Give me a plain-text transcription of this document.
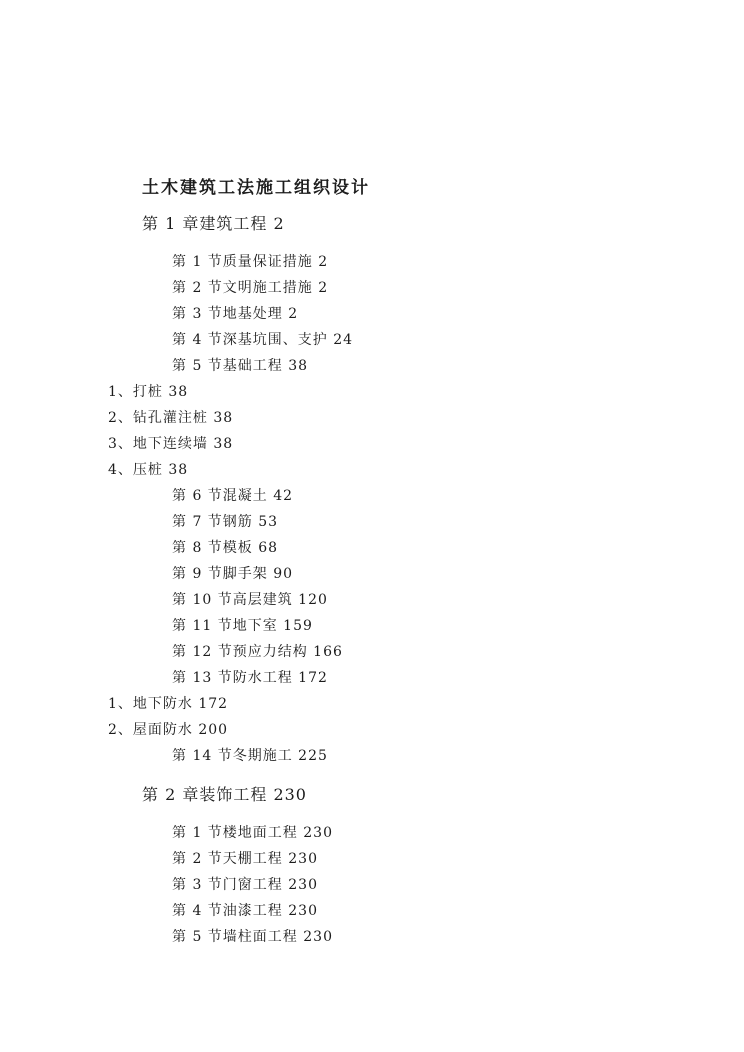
土木建筑工法施工组织设计
第 1 章建筑工程 2
第 1 节质量保证措施 2
第 2 节文明施工措施 2
第 3 节地基处理 2
第 4 节深基坑围、支护 24
第 5 节基础工程 38
1、打桩 38
2、钻孔灌注桩 38
3、地下连续墙 38
4、压桩 38
第 6 节混凝土 42
第 7 节钢筋 53
第 8 节模板 68
第 9 节脚手架 90
第 10 节高层建筑 120
第 11 节地下室 159
第 12 节预应力结构 166
第 13 节防水工程 172
1、地下防水 172
2、屋面防水 200
第 14 节冬期施工 225
第 2 章装饰工程 230
第 1 节楼地面工程 230
第 2 节天棚工程 230
第 3 节门窗工程 230
第 4 节油漆工程 230
第 5 节墙柱面工程 230
